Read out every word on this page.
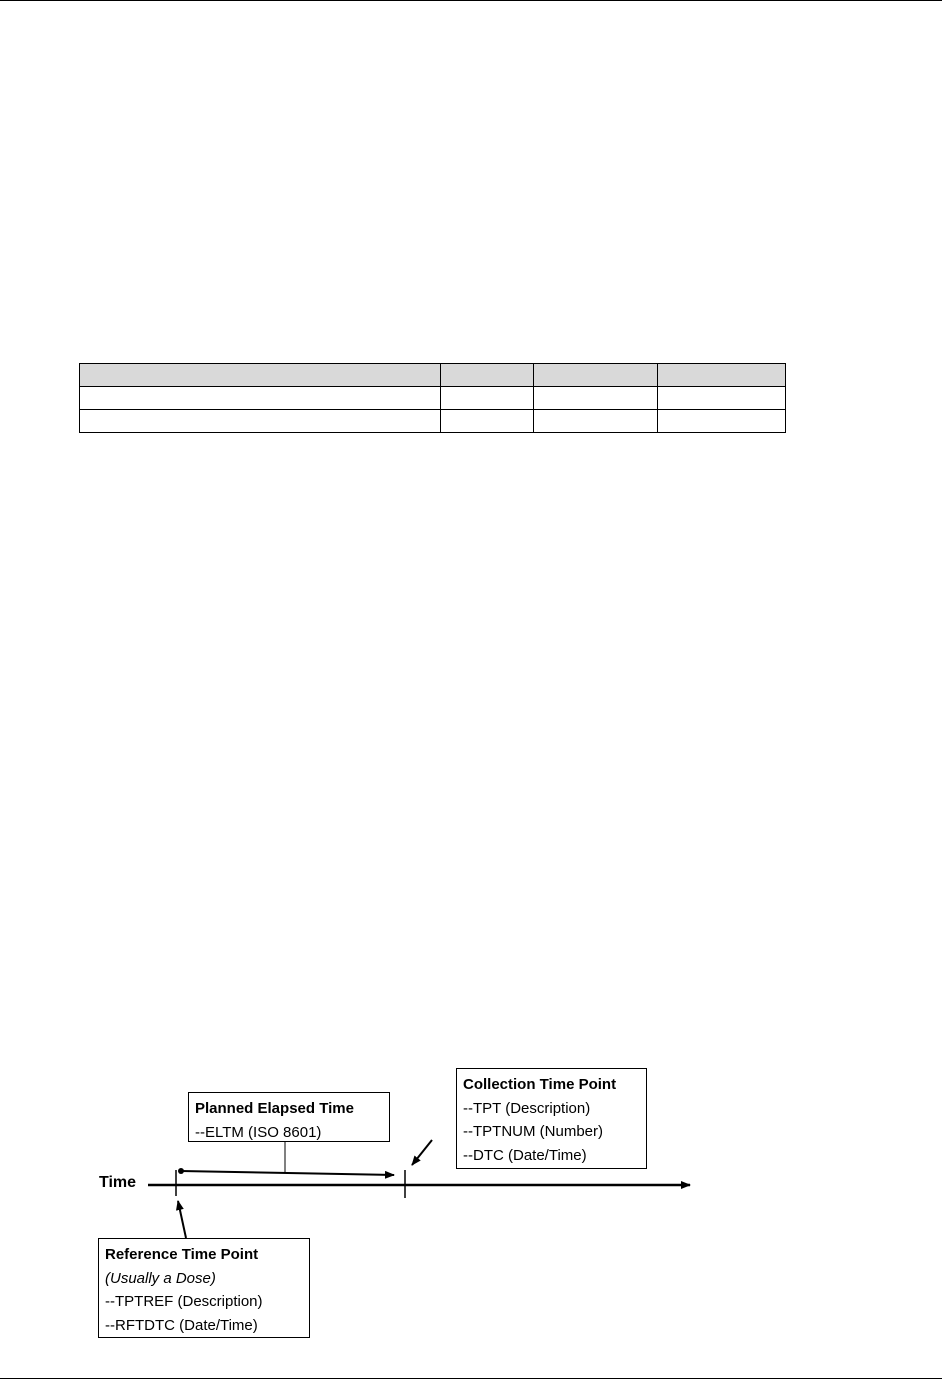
Time
Planned Elapsed Time
--ELTM (ISO 8601)
Collection Time Point
--TPT (Description)
--TPTNUM (Number)
--DTC (Date/Time)
Reference Time Point
(Usually a Dose)
--TPTREF (Description)
--RFTDTC (Date/Time)
